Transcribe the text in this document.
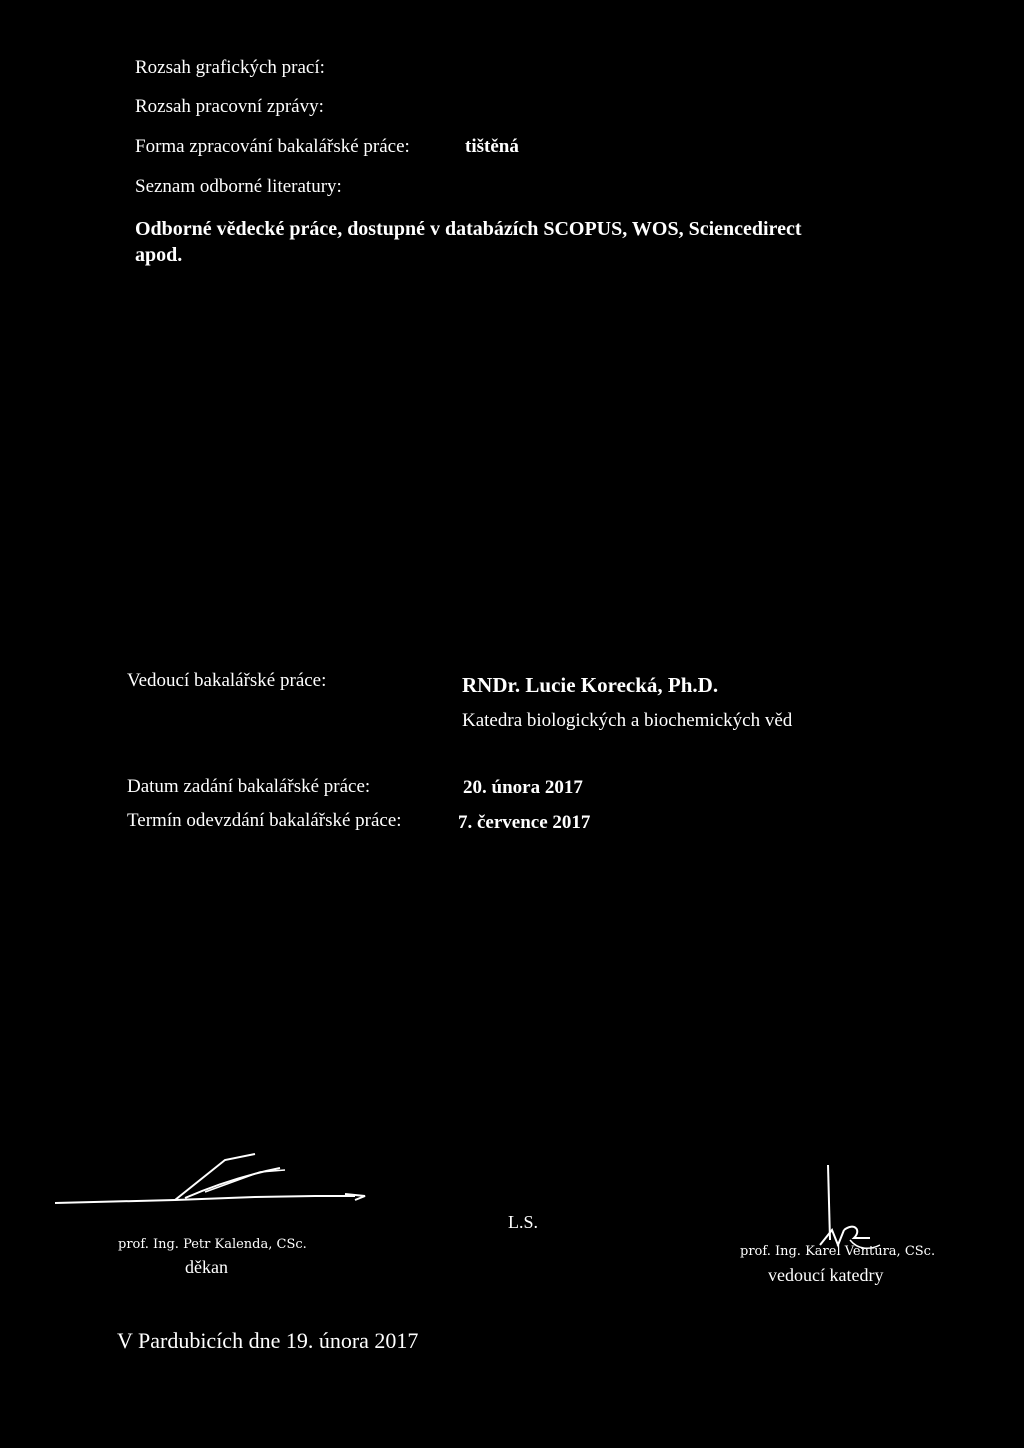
Rozsah grafických prací:
Rozsah pracovní zprávy:
Forma zpracování bakalářské práce:	tištěná
Seznam odborné literatury:
Odborné vědecké práce, dostupné v databázích SCOPUS, WOS, Sciencedirect
apod.
Vedoucí bakalářské práce:	RNDr. Lucie Korecká, Ph.D.
Katedra biologických a biochemických věd
Datum zadání bakalářské práce:	20. února 2017
Termín odevzdání bakalářské práce:	7. července 2017
prof. Ing. Petr Kalenda, CSc.
děkan
L.S.
prof. Ing. Karel Ventura, CSc.
vedoucí katedry
V Pardubicích dne 19. února 2017
